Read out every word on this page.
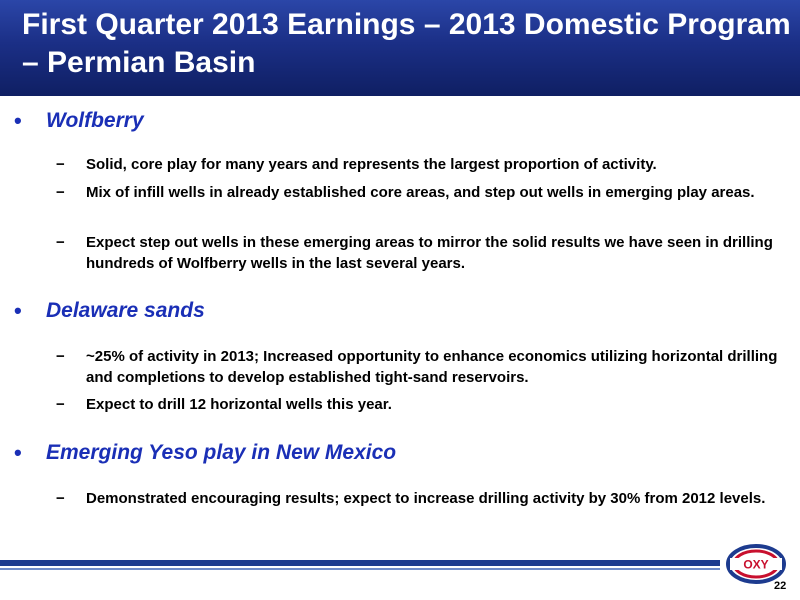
First Quarter 2013 Earnings – 2013 Domestic Program – Permian Basin
• Wolfberry
− Solid, core play for many years and represents the largest proportion of activity.
− Mix of infill wells in already established core areas, and step out wells in emerging play areas.
− Expect step out wells in these emerging areas to mirror the solid results we have seen in drilling hundreds of Wolfberry wells in the last several years.
• Delaware sands
− ~25% of activity in 2013; Increased opportunity to enhance economics utilizing horizontal drilling and completions to develop established tight-sand reservoirs.
− Expect to drill 12 horizontal wells this year.
• Emerging Yeso play in New Mexico
− Demonstrated encouraging results; expect to increase drilling activity by 30% from 2012 levels.
OXY
22
